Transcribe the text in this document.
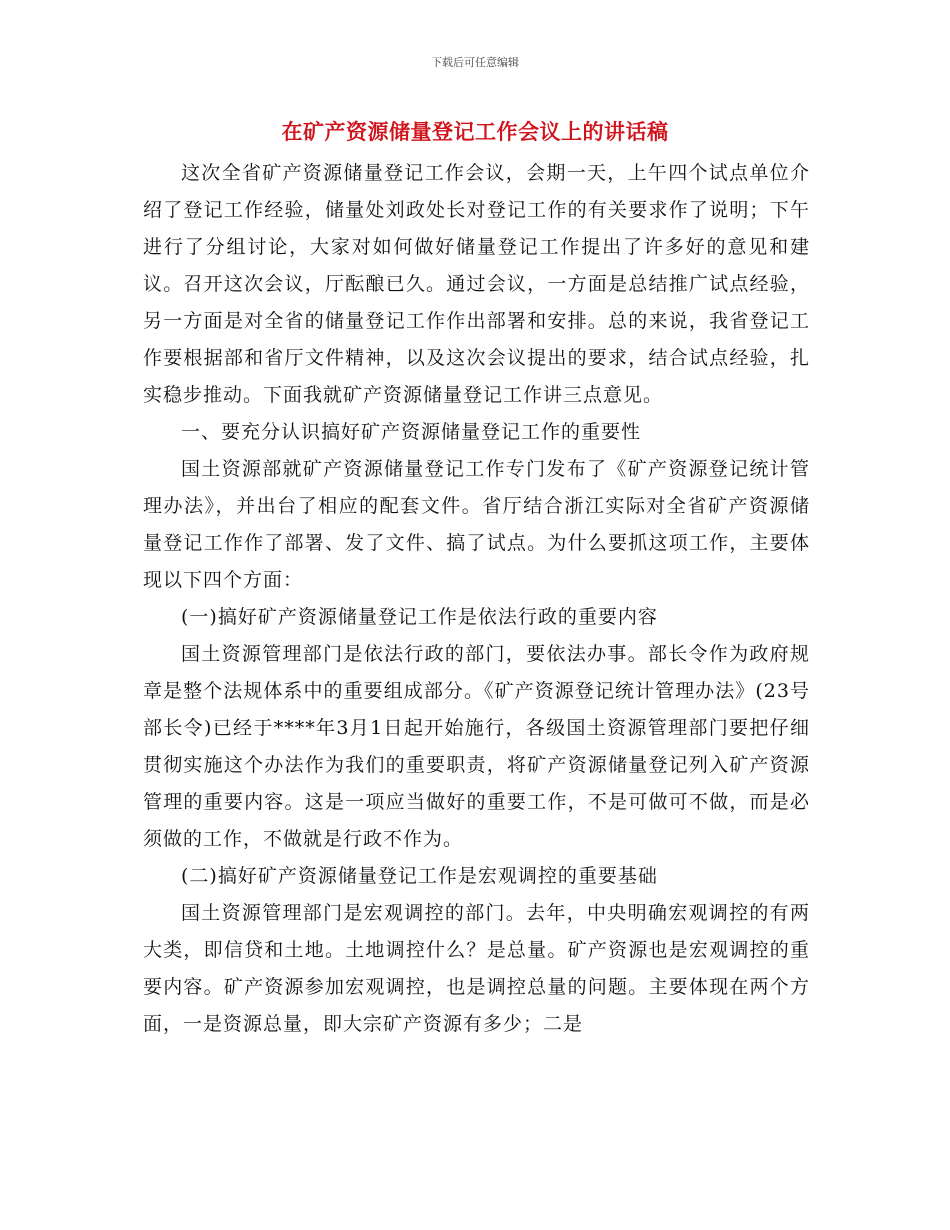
下载后可任意编辑
在矿产资源储量登记工作会议上的讲话稿

这次全省矿产资源储量登记工作会议，会期一天，上午四个试点单位介绍了登记工作经验，储量处刘政处长对登记工作的有关要求作了说明；下午进行了分组讨论，大家对如何做好储量登记工作提出了许多好的意见和建议。召开这次会议，厅酝酿已久。通过会议，一方面是总结推广试点经验，另一方面是对全省的储量登记工作作出部署和安排。总的来说，我省登记工作要根据部和省厅文件精神，以及这次会议提出的要求，结合试点经验，扎实稳步推动。下面我就矿产资源储量登记工作讲三点意见。

一、要充分认识搞好矿产资源储量登记工作的重要性

国土资源部就矿产资源储量登记工作专门发布了《矿产资源登记统计管理办法》，并出台了相应的配套文件。省厅结合浙江实际对全省矿产资源储量登记工作作了部署、发了文件、搞了试点。为什么要抓这项工作，主要体现以下四个方面：

(一)搞好矿产资源储量登记工作是依法行政的重要内容

国土资源管理部门是依法行政的部门，要依法办事。部长令作为政府规章是整个法规体系中的重要组成部分。《矿产资源登记统计管理办法》(23号部长令)已经于****年3月1日起开始施行，各级国土资源管理部门要把仔细贯彻实施这个办法作为我们的重要职责，将矿产资源储量登记列入矿产资源管理的重要内容。这是一项应当做好的重要工作，不是可做可不做，而是必须做的工作，不做就是行政不作为。

(二)搞好矿产资源储量登记工作是宏观调控的重要基础

国土资源管理部门是宏观调控的部门。去年，中央明确宏观调控的有两大类，即信贷和土地。土地调控什么？是总量。矿产资源也是宏观调控的重要内容。矿产资源参加宏观调控，也是调控总量的问题。主要体现在两个方面，一是资源总量，即大宗矿产资源有多少；二是
